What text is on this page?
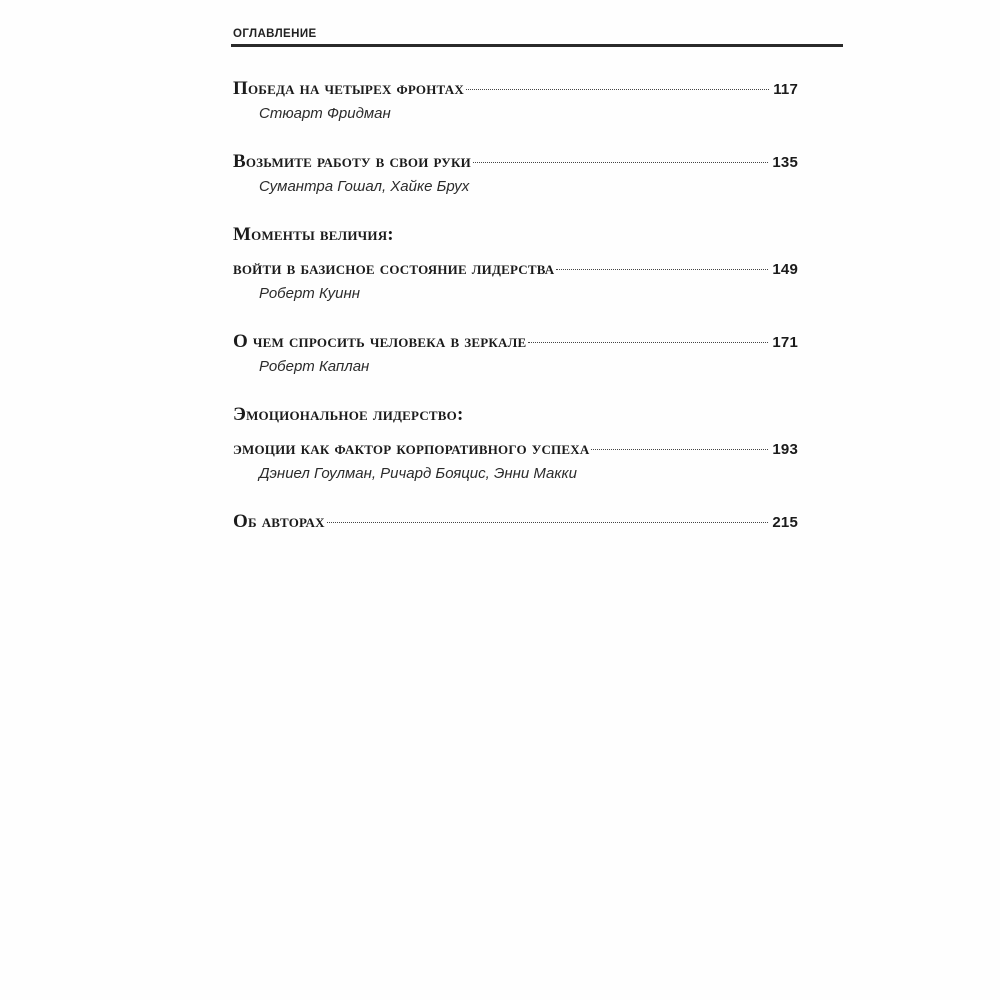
ОГЛАВЛЕНИЕ
Победа на четырех фронтах	117
Стюарт Фридман
Возьмите работу в свои руки	135
Сумантра Гошал, Хайке Брух
Моменты величия:
войти в базисное состояние лидерства	149
Роберт Куинн
О чем спросить человека в зеркале	171
Роберт Каплан
Эмоциональное лидерство:
эмоции как фактор корпоративного успеха	193
Дэниел Гоулман, Ричард Бояцис, Энни Макки
Об авторах	215
